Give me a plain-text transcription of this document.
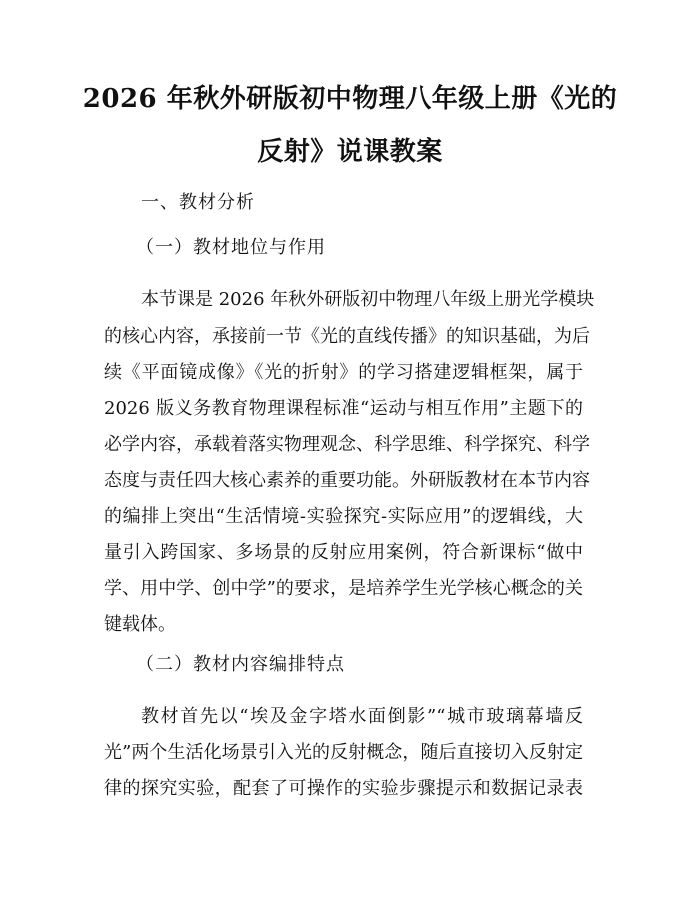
2026 年秋外研版初中物理八年级上册《光的
反射》说课教案
一、教材分析
（一）教材地位与作用
本节课是 2026 年秋外研版初中物理八年级上册光学模块
的核心内容，承接前一节《光的直线传播》的知识基础，为后
续《平面镜成像》《光的折射》的学习搭建逻辑框架，属于
2026 版义务教育物理课程标准“运动与相互作用”主题下的
必学内容，承载着落实物理观念、科学思维、科学探究、科学
态度与责任四大核心素养的重要功能。外研版教材在本节内容
的编排上突出“生活情境-实验探究-实际应用”的逻辑线，大
量引入跨国家、多场景的反射应用案例，符合新课标“做中
学、用中学、创中学”的要求，是培养学生光学核心概念的关
键载体。
（二）教材内容编排特点
教材首先以“埃及金字塔水面倒影”“城市玻璃幕墙反
光”两个生活化场景引入光的反射概念，随后直接切入反射定
律的探究实验，配套了可操作的实验步骤提示和数据记录表
